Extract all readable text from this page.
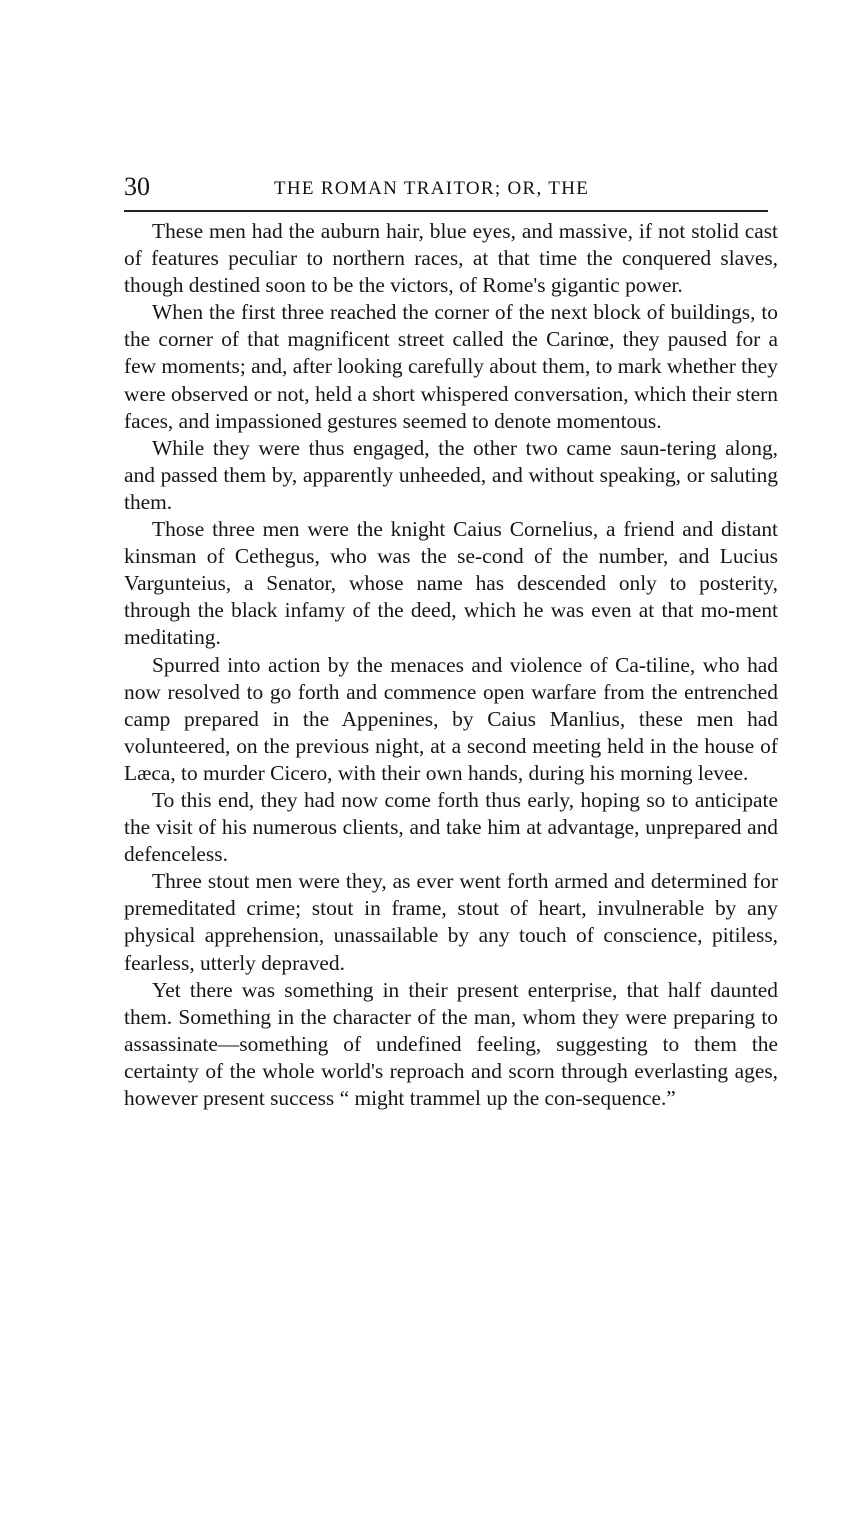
30	THE ROMAN TRAITOR; OR, THE

These men had the auburn hair, blue eyes, and massive, if not stolid cast of features peculiar to northern races, at that time the conquered slaves, though destined soon to be the victors, of Rome's gigantic power.

When the first three reached the corner of the next block of buildings, to the corner of that magnificent street called the Carinœ, they paused for a few moments; and, after looking carefully about them, to mark whether they were observed or not, held a short whispered conversation, which their stern faces, and impassioned gestures seemed to denote momentous.

While they were thus engaged, the other two came saun-tering along, and passed them by, apparently unheeded, and without speaking, or saluting them.

Those three men were the knight Caius Cornelius, a friend and distant kinsman of Cethegus, who was the se-cond of the number, and Lucius Vargunteius, a Senator, whose name has descended only to posterity, through the black infamy of the deed, which he was even at that mo-ment meditating.

Spurred into action by the menaces and violence of Ca-tiline, who had now resolved to go forth and commence open warfare from the entrenched camp prepared in the Appenines, by Caius Manlius, these men had volunteered, on the previous night, at a second meeting held in the house of Læca, to murder Cicero, with their own hands, during his morning levee.

To this end, they had now come forth thus early, hoping so to anticipate the visit of his numerous clients, and take him at advantage, unprepared and defenceless.

Three stout men were they, as ever went forth armed and determined for premeditated crime; stout in frame, stout of heart, invulnerable by any physical apprehension, unassailable by any touch of conscience, pitiless, fearless, utterly depraved.

Yet there was something in their present enterprise, that half daunted them. Something in the character of the man, whom they were preparing to assassinate—something of undefined feeling, suggesting to them the certainty of the whole world's reproach and scorn through everlasting ages, however present success “ might trammel up the con-sequence.”
